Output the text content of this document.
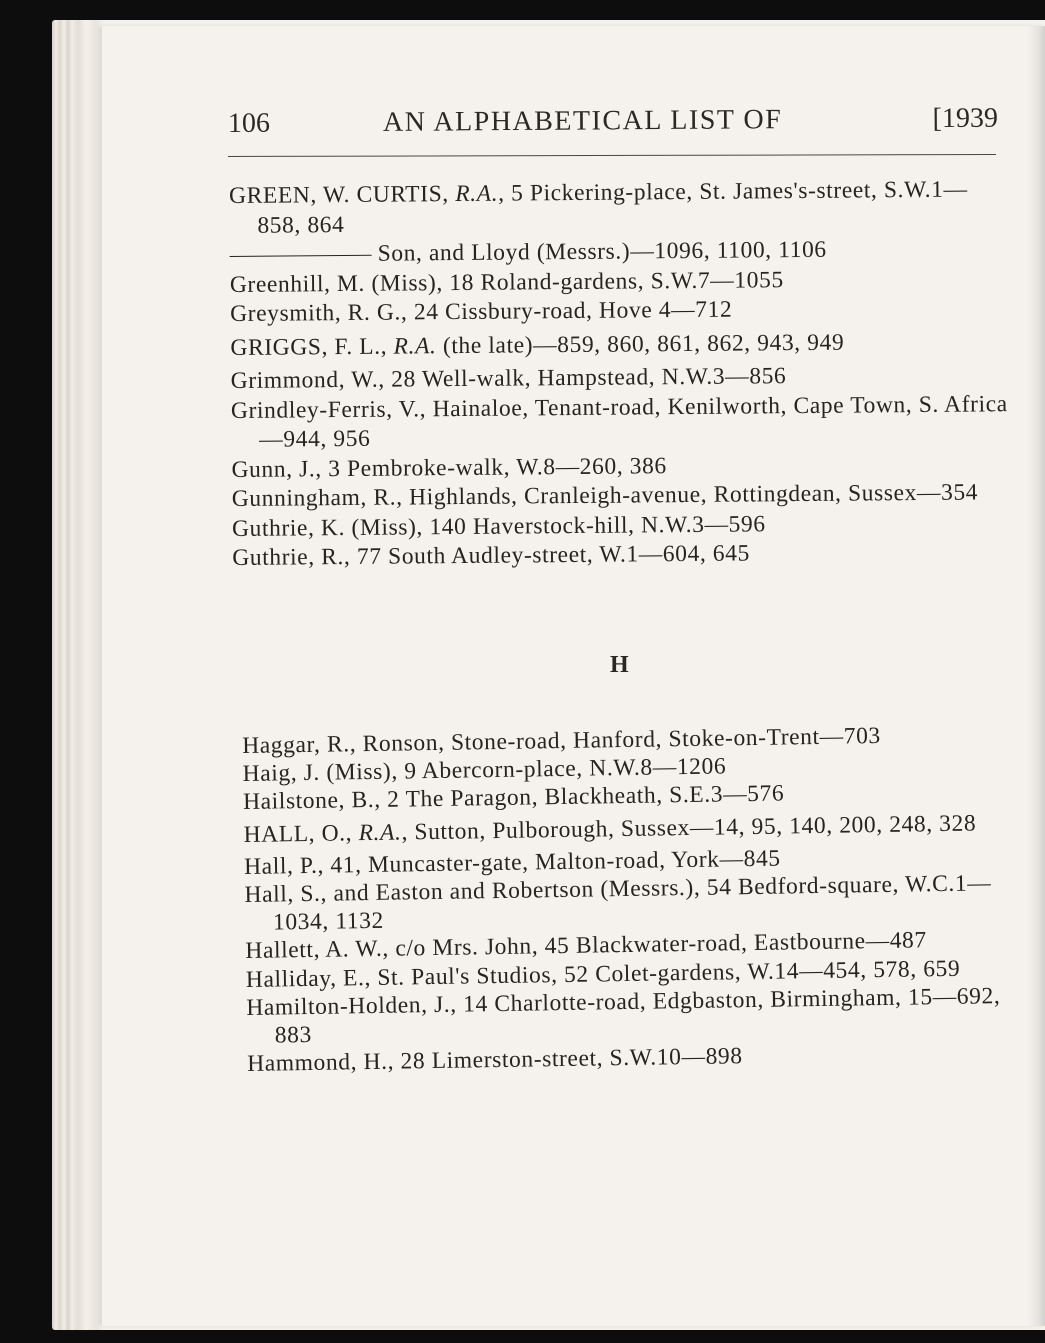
106	AN ALPHABETICAL LIST OF	[1939
GREEN, W. CURTIS, R.A., 5 Pickering-place, St. James's-street, S.W.1—858, 864
Son, and Lloyd (Messrs.)—1096, 1100, 1106
Greenhill, M. (Miss), 18 Roland-gardens, S.W.7—1055
Greysmith, R. G., 24 Cissbury-road, Hove 4—712
GRIGGS, F. L., R.A. (the late)—859, 860, 861, 862, 943, 949
Grimmond, W., 28 Well-walk, Hampstead, N.W.3—856
Grindley-Ferris, V., Hainaloe, Tenant-road, Kenilworth, Cape Town, S. Africa—944, 956
Gunn, J., 3 Pembroke-walk, W.8—260, 386
Gunningham, R., Highlands, Cranleigh-avenue, Rottingdean, Sussex—354
Guthrie, K. (Miss), 140 Haverstock-hill, N.W.3—596
Guthrie, R., 77 South Audley-street, W.1—604, 645
H
Haggar, R., Ronson, Stone-road, Hanford, Stoke-on-Trent—703
Haig, J. (Miss), 9 Abercorn-place, N.W.8—1206
Hailstone, B., 2 The Paragon, Blackheath, S.E.3—576
HALL, O., R.A., Sutton, Pulborough, Sussex—14, 95, 140, 200, 248, 328
Hall, P., 41, Muncaster-gate, Malton-road, York—845
Hall, S., and Easton and Robertson (Messrs.), 54 Bedford-square, W.C.1—1034, 1132
Hallett, A. W., c/o Mrs. John, 45 Blackwater-road, Eastbourne—487
Halliday, E., St. Paul's Studios, 52 Colet-gardens, W.14—454, 578, 659
Hamilton-Holden, J., 14 Charlotte-road, Edgbaston, Birmingham, 15—692, 883
Hammond, H., 28 Limerston-street, S.W.10—898
